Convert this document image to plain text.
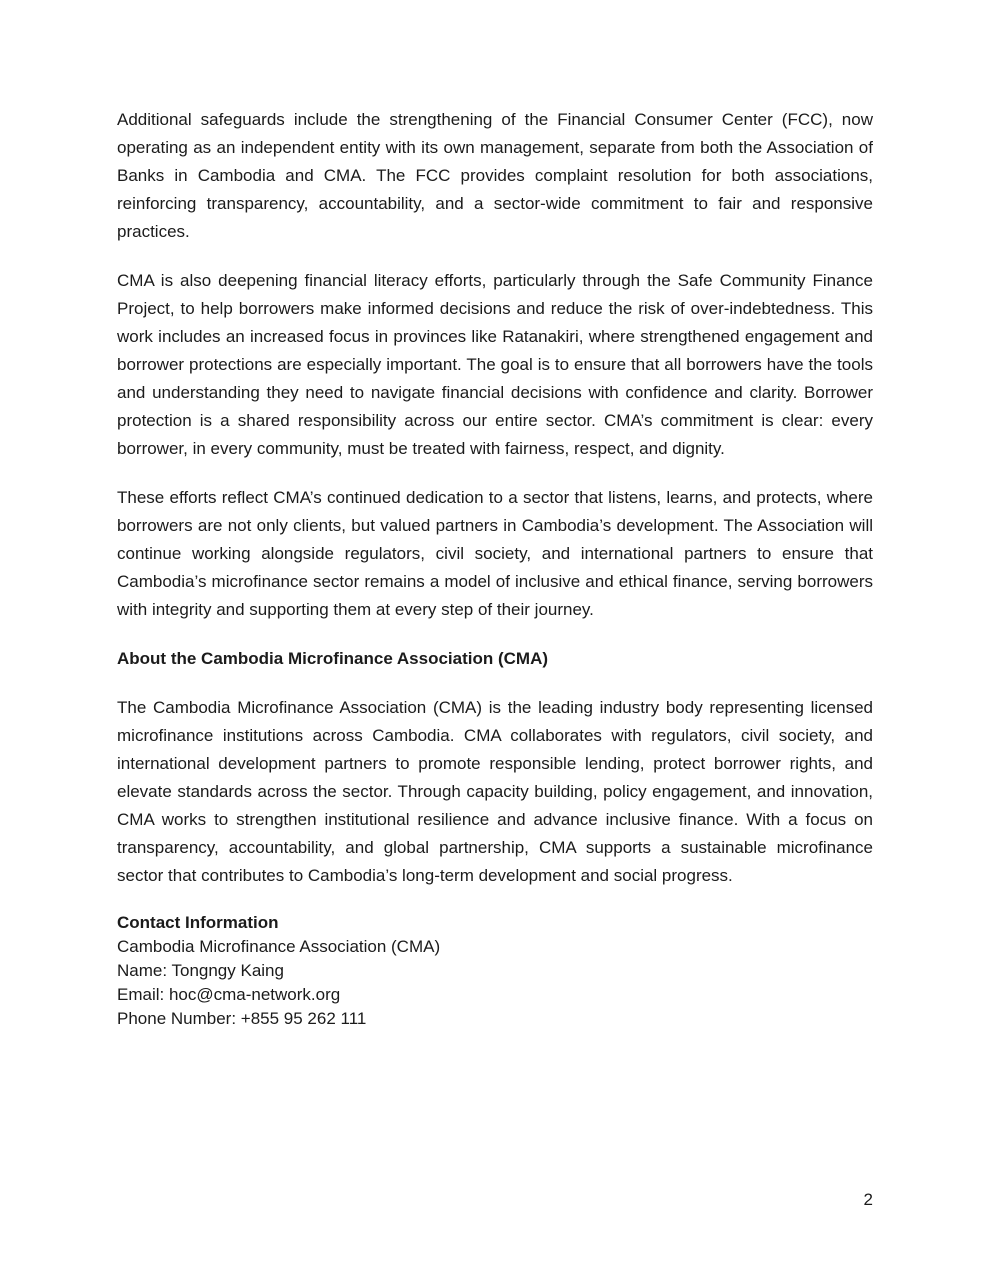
Additional safeguards include the strengthening of the Financial Consumer Center (FCC), now operating as an independent entity with its own management, separate from both the Association of Banks in Cambodia and CMA. The FCC provides complaint resolution for both associations, reinforcing transparency, accountability, and a sector-wide commitment to fair and responsive practices.

CMA is also deepening financial literacy efforts, particularly through the Safe Community Finance Project, to help borrowers make informed decisions and reduce the risk of over-indebtedness. This work includes an increased focus in provinces like Ratanakiri, where strengthened engagement and borrower protections are especially important. The goal is to ensure that all borrowers have the tools and understanding they need to navigate financial decisions with confidence and clarity. Borrower protection is a shared responsibility across our entire sector. CMA’s commitment is clear: every borrower, in every community, must be treated with fairness, respect, and dignity.

These efforts reflect CMA’s continued dedication to a sector that listens, learns, and protects, where borrowers are not only clients, but valued partners in Cambodia’s development. The Association will continue working alongside regulators, civil society, and international partners to ensure that Cambodia’s microfinance sector remains a model of inclusive and ethical finance, serving borrowers with integrity and supporting them at every step of their journey.

About the Cambodia Microfinance Association (CMA)

The Cambodia Microfinance Association (CMA) is the leading industry body representing licensed microfinance institutions across Cambodia. CMA collaborates with regulators, civil society, and international development partners to promote responsible lending, protect borrower rights, and elevate standards across the sector. Through capacity building, policy engagement, and innovation, CMA works to strengthen institutional resilience and advance inclusive finance. With a focus on transparency, accountability, and global partnership, CMA supports a sustainable microfinance sector that contributes to Cambodia’s long-term development and social progress.

Contact Information
Cambodia Microfinance Association (CMA)
Name: Tongngy Kaing
Email: hoc@cma-network.org
Phone Number: +855 95 262 111
2
